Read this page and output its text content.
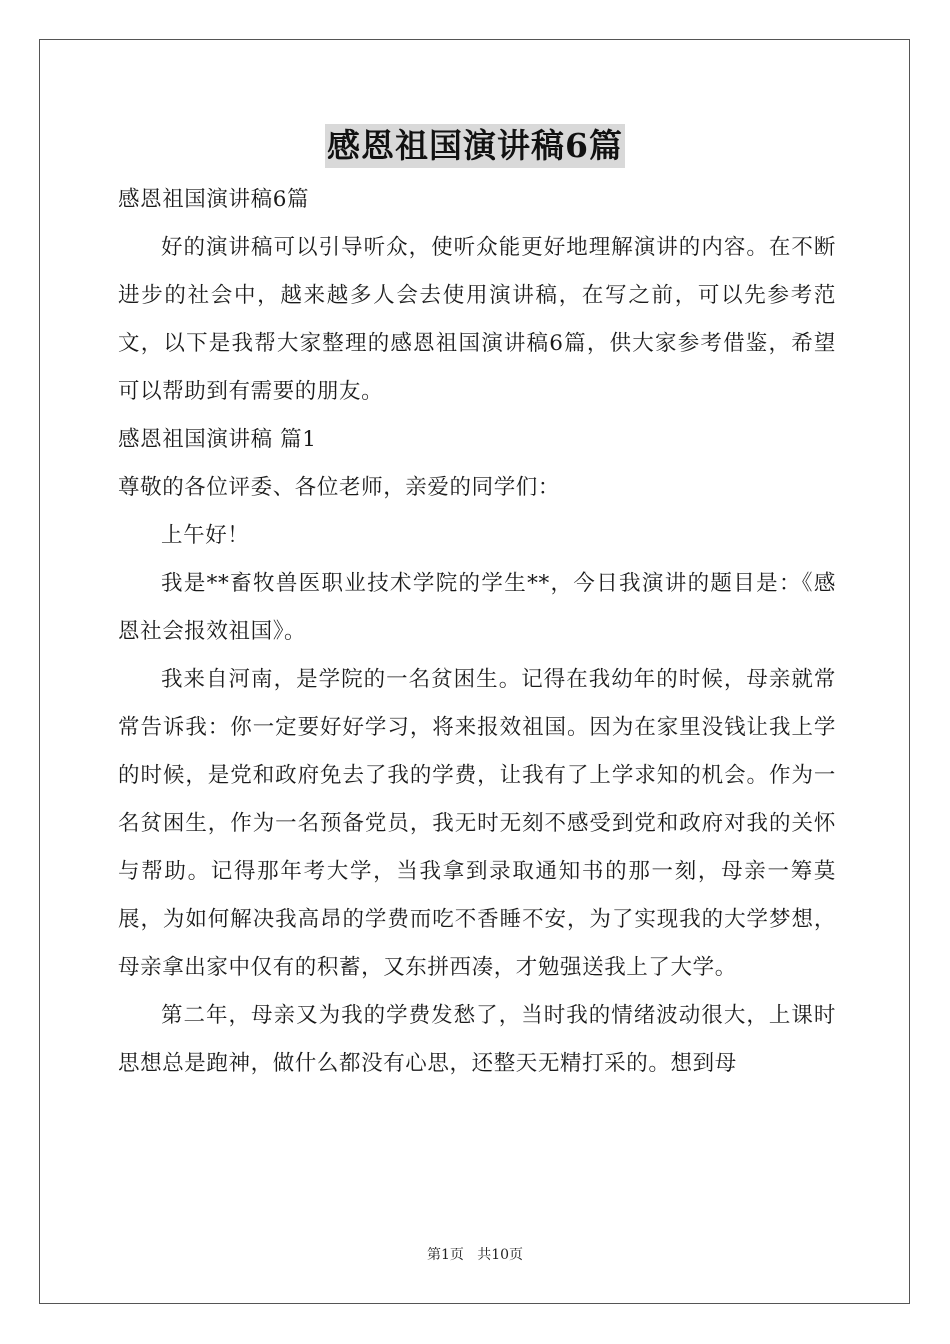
感恩祖国演讲稿6篇

感恩祖国演讲稿6篇

好的演讲稿可以引导听众，使听众能更好地理解演讲的内容。在不断进步的社会中，越来越多人会去使用演讲稿，在写之前，可以先参考范文，以下是我帮大家整理的感恩祖国演讲稿6篇，供大家参考借鉴，希望可以帮助到有需要的朋友。

感恩祖国演讲稿 篇1

尊敬的各位评委、各位老师，亲爱的同学们：

上午好！

我是**畜牧兽医职业技术学院的学生**，今日我演讲的题目是：《感恩社会报效祖国》。

我来自河南，是学院的一名贫困生。记得在我幼年的时候，母亲就常常告诉我：你一定要好好学习，将来报效祖国。因为在家里没钱让我上学的时候，是党和政府免去了我的学费，让我有了上学求知的机会。作为一名贫困生，作为一名预备党员，我无时无刻不感受到党和政府对我的关怀与帮助。记得那年考大学，当我拿到录取通知书的那一刻，母亲一筹莫展，为如何解决我高昂的学费而吃不香睡不安，为了实现我的大学梦想，母亲拿出家中仅有的积蓄，又东拼西凑，才勉强送我上了大学。

第二年，母亲又为我的学费发愁了，当时我的情绪波动很大，上课时思想总是跑神，做什么都没有心思，还整天无精打采的。想到母

第1页   共10页
